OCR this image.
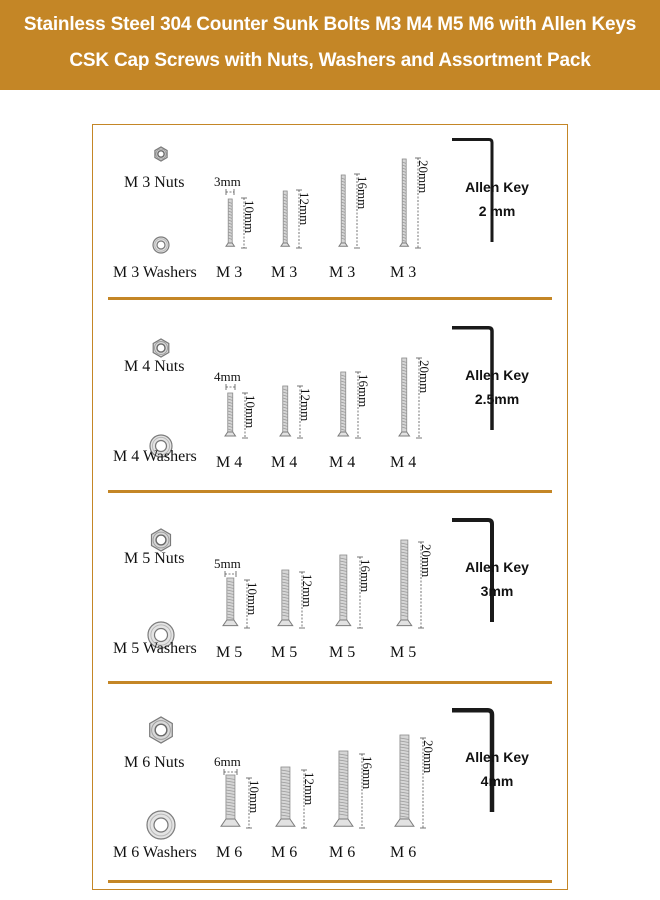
Stainless Steel 304 Counter Sunk Bolts M3 M4 M5 M6 with Allen Keys
CSK Cap Screws with Nuts, Washers and Assortment Pack
M 3 Nuts
M 3 Washers
10mm
M 3
12mm
M 3
16mm
M 3
20mm
M 3
3mm	Allen Key
2 mm
M 4 Nuts
M 4 Washers
10mm
M 4
12mm
M 4
16mm
M 4
20mm
M 4
4mm	Allen Key
2.5mm
M 5 Nuts
M 5 Washers
10mm
M 5
12mm
M 5
16mm
M 5
20mm
M 5
5mm	Allen Key
3mm
M 6 Nuts
M 6 Washers
10mm
M 6
12mm
M 6
16mm
M 6
20mm
M 6
6mm	Allen Key
4mm
